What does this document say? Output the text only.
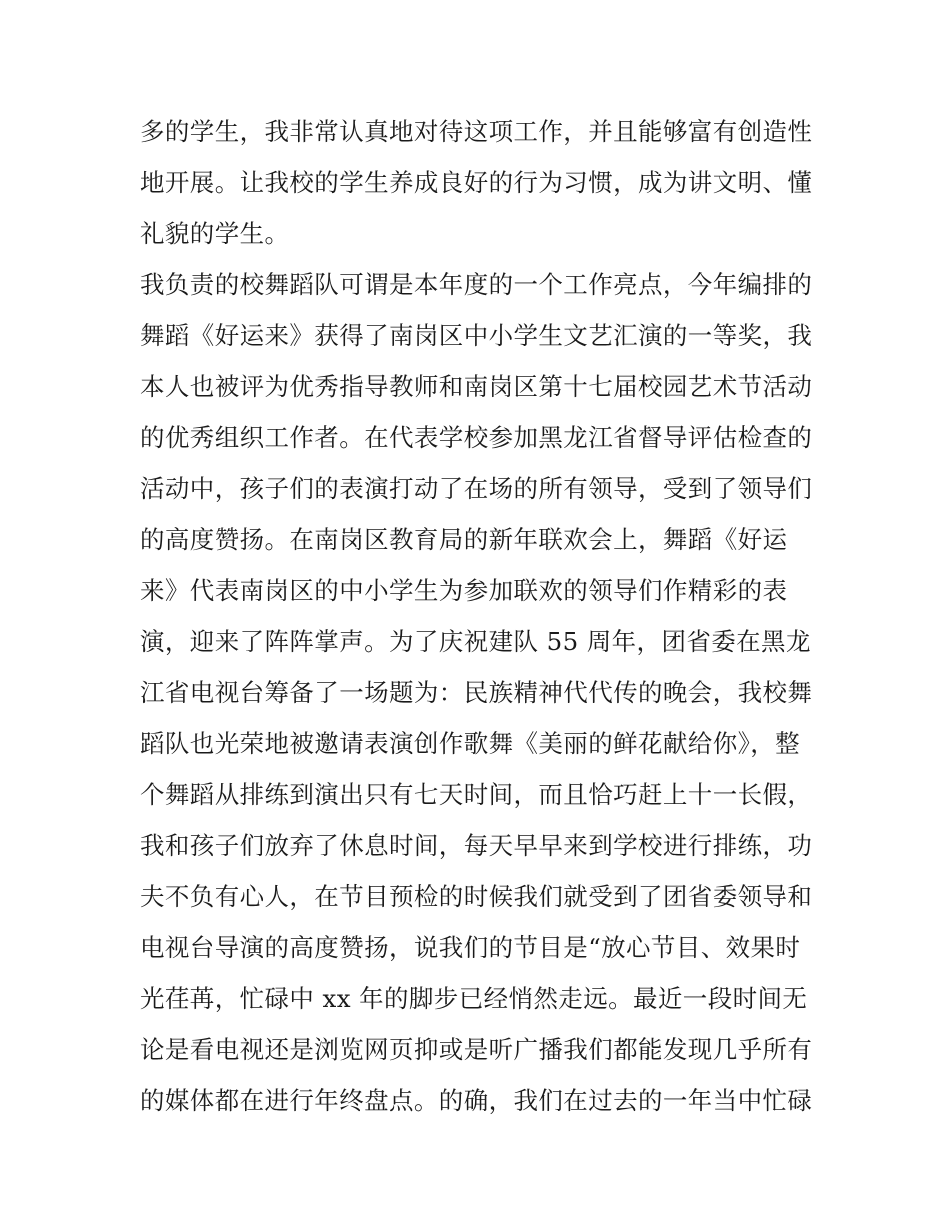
多的学生，我非常认真地对待这项工作，并且能够富有创造性
地开展。让我校的学生养成良好的行为习惯，成为讲文明、懂
礼貌的学生。
我负责的校舞蹈队可谓是本年度的一个工作亮点，今年编排的
舞蹈《好运来》获得了南岗区中小学生文艺汇演的一等奖，我
本人也被评为优秀指导教师和南岗区第十七届校园艺术节活动
的优秀组织工作者。在代表学校参加黑龙江省督导评估检查的
活动中，孩子们的表演打动了在场的所有领导，受到了领导们
的高度赞扬。在南岗区教育局的新年联欢会上，舞蹈《好运
来》代表南岗区的中小学生为参加联欢的领导们作精彩的表
演，迎来了阵阵掌声。为了庆祝建队 55 周年，团省委在黑龙
江省电视台筹备了一场题为：民族精神代代传的晚会，我校舞
蹈队也光荣地被邀请表演创作歌舞《美丽的鲜花献给你》，整
个舞蹈从排练到演出只有七天时间，而且恰巧赶上十一长假，
我和孩子们放弃了休息时间，每天早早来到学校进行排练，功
夫不负有心人，在节目预检的时候我们就受到了团省委领导和
电视台导演的高度赞扬，说我们的节目是“放心节目、效果时
光荏苒，忙碌中 xx 年的脚步已经悄然走远。最近一段时间无
论是看电视还是浏览网页抑或是听广播我们都能发现几乎所有
的媒体都在进行年终盘点。的确，我们在过去的一年当中忙碌
